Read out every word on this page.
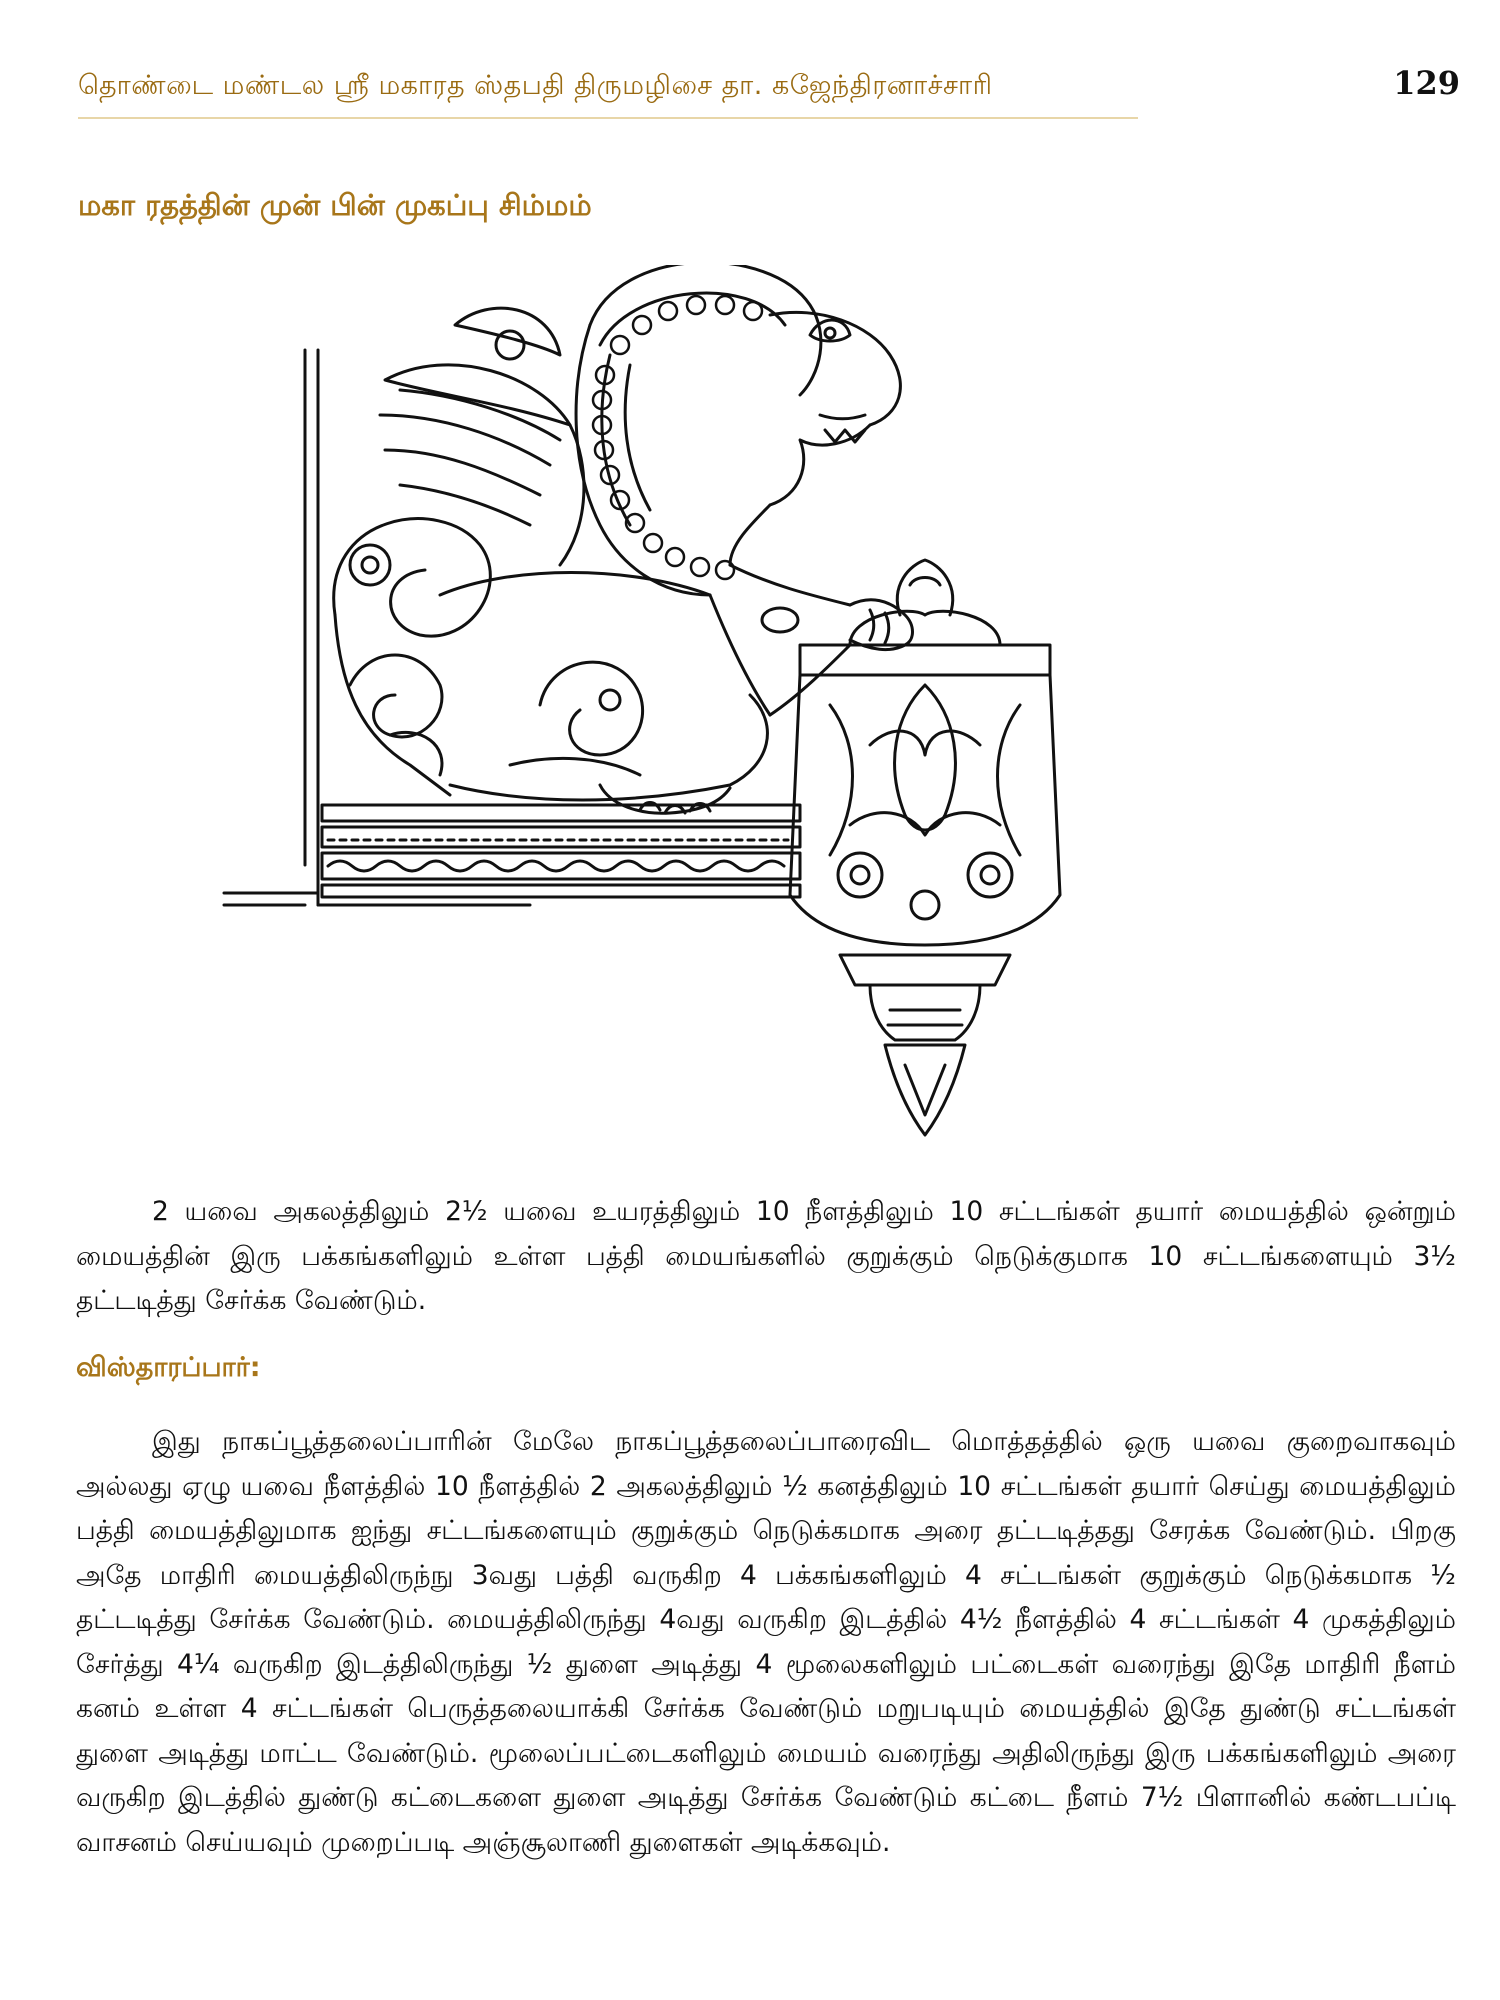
தொண்டை மண்டல ஸ்ரீ மகாரத ஸ்தபதி திருமழிசை தா. கஜேந்திரனாச்சாரி	129
மகா ரதத்தின் முன் பின் முகப்பு சிம்மம்
2 யவை அகலத்திலும் 2½ யவை உயரத்திலும் 10 நீளத்திலும் 10 சட்டங்கள் தயார் மையத்தில் ஒன்றும் மையத்தின் இரு பக்கங்களிலும் உள்ள பத்தி மையங்களில் குறுக்கும் நெடுக்குமாக 10 சட்டங்களையும் 3½ தட்டடித்து சேர்க்க வேண்டும்.
விஸ்தாரப்பார்:
இது நாகப்பூத்தலைப்பாரின் மேலே நாகப்பூத்தலைப்பாரைவிட மொத்தத்தில் ஒரு யவை குறைவாகவும் அல்லது ஏழு யவை நீளத்தில் 10 நீளத்தில் 2 அகலத்திலும் ½ கனத்திலும் 10 சட்டங்கள் தயார் செய்து மையத்திலும் பத்தி மையத்திலுமாக ஐந்து சட்டங்களையும் குறுக்கும் நெடுக்கமாக அரை தட்டடித்தது சேரக்க வேண்டும். பிறகு அதே மாதிரி மையத்திலிருந்நு 3வது பத்தி வருகிற 4 பக்கங்களிலும் 4 சட்டங்கள் குறுக்கும் நெடுக்கமாக ½ தட்டடித்து சேர்க்க வேண்டும். மையத்திலிருந்து 4வது வருகிற இடத்தில் 4½ நீளத்தில் 4 சட்டங்கள் 4 முகத்திலும் சேர்த்து 4¼ வருகிற இடத்திலிருந்து ½ துளை அடித்து 4 மூலைகளிலும் பட்டைகள் வரைந்து இதே மாதிரி நீளம் கனம் உள்ள 4 சட்டங்கள் பெருத்தலையாக்கி சேர்க்க வேண்டும் மறுபடியும் மையத்தில் இதே துண்டு சட்டங்கள் துளை அடித்து மாட்ட வேண்டும். மூலைப்பட்டைகளிலும் மையம் வரைந்து அதிலிருந்து இரு பக்கங்களிலும் அரை வருகிற இடத்தில் துண்டு கட்டைகளை துளை அடித்து சேர்க்க வேண்டும் கட்டை நீளம் 7½ பிளானில் கண்டபப்டி வாசனம் செய்யவும் முறைப்படி அஞ்சூலாணி துளைகள் அடிக்கவும்.
